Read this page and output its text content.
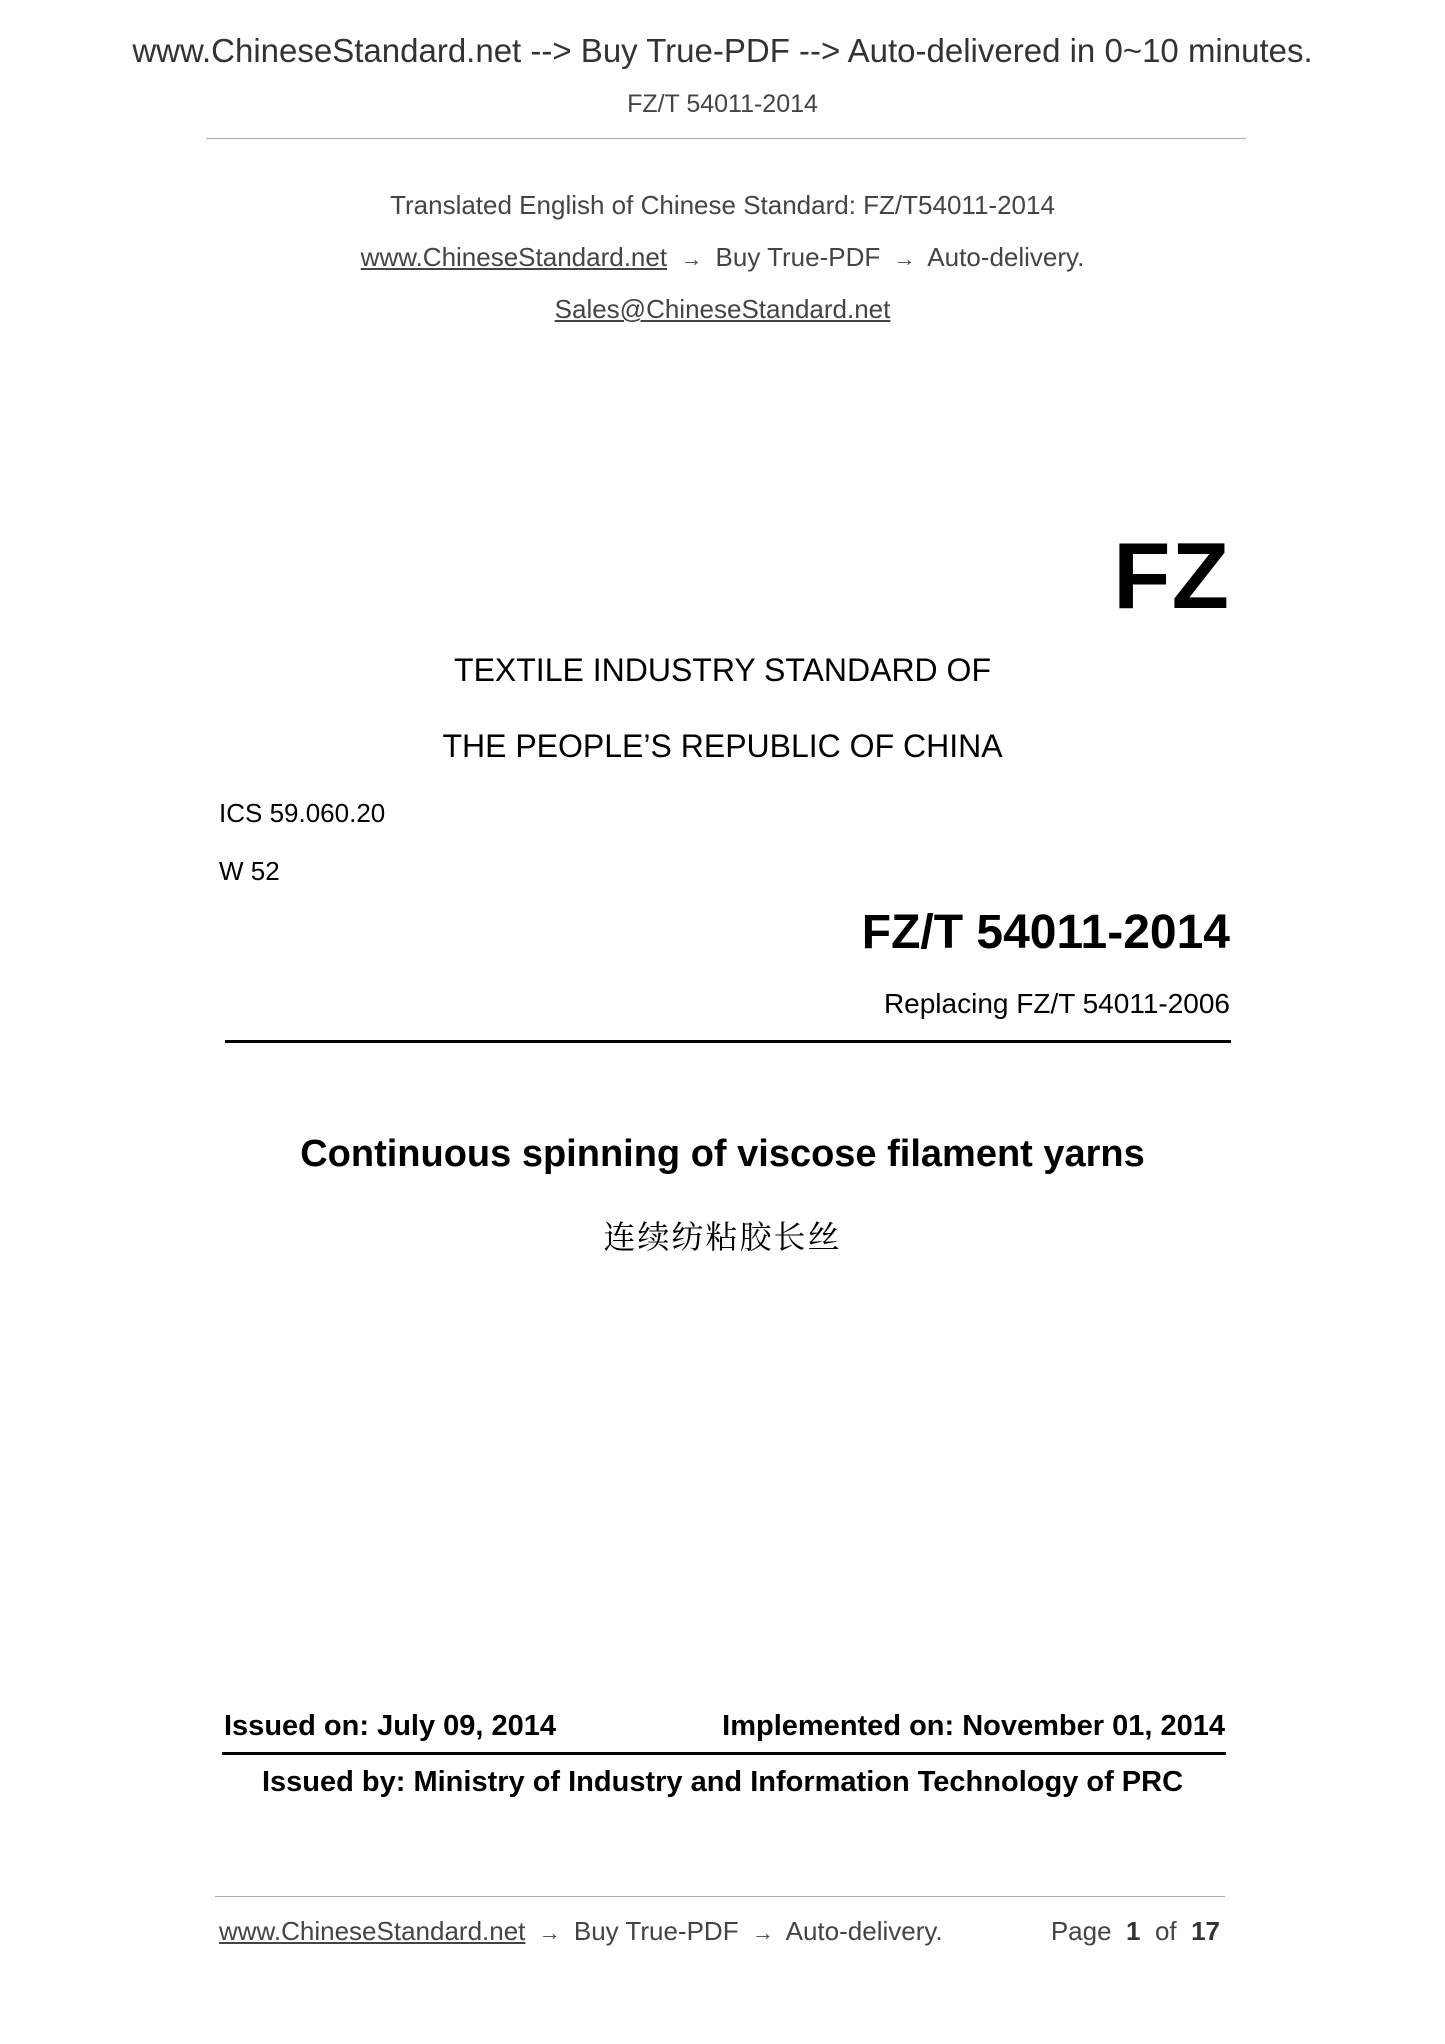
www.ChineseStandard.net --> Buy True-PDF --> Auto-delivered in 0~10 minutes.
FZ/T 54011-2014
Translated English of Chinese Standard: FZ/T54011-2014
www.ChineseStandard.net → Buy True-PDF → Auto-delivery.
Sales@ChineseStandard.net
FZ
TEXTILE INDUSTRY STANDARD OF
THE PEOPLE’S REPUBLIC OF CHINA
ICS 59.060.20
W 52
FZ/T 54011-2014
Replacing FZ/T 54011-2006
Continuous spinning of viscose filament yarns
连续纺粘胶长丝
Issued on: July 09, 2014	Implemented on: November 01, 2014
Issued by: Ministry of Industry and Information Technology of PRC
www.ChineseStandard.net → Buy True-PDF → Auto-delivery.	Page 1 of 17
